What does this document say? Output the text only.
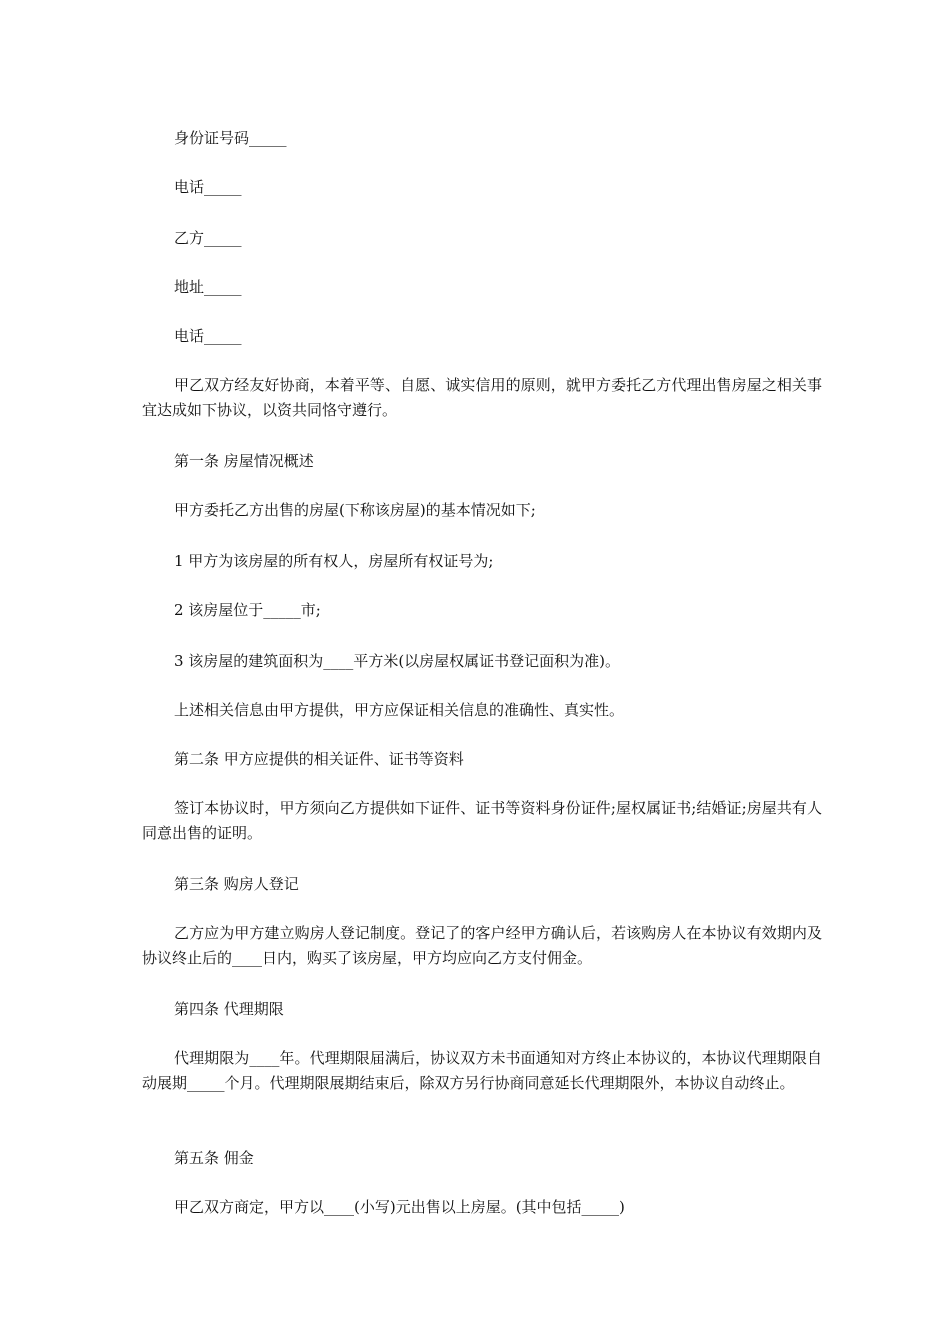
身份证号码_____
电话_____
乙方_____
地址_____
电话_____
甲乙双方经友好协商，本着平等、自愿、诚实信用的原则，就甲方委托乙方代理出售房屋之相关事宜达成如下协议，以资共同恪守遵行。
第一条 房屋情况概述
甲方委托乙方出售的房屋(下称该房屋)的基本情况如下;
1 甲方为该房屋的所有权人，房屋所有权证号为;
2 该房屋位于_____市;
3 该房屋的建筑面积为____平方米(以房屋权属证书登记面积为准)。
上述相关信息由甲方提供，甲方应保证相关信息的准确性、真实性。
第二条 甲方应提供的相关证件、证书等资料
签订本协议时，甲方须向乙方提供如下证件、证书等资料身份证件;屋权属证书;结婚证;房屋共有人同意出售的证明。
第三条 购房人登记
乙方应为甲方建立购房人登记制度。登记了的客户经甲方确认后，若该购房人在本协议有效期内及协议终止后的____日内，购买了该房屋，甲方均应向乙方支付佣金。
第四条 代理期限
代理期限为____年。代理期限届满后，协议双方未书面通知对方终止本协议的，本协议代理期限自动展期_____个月。代理期限展期结束后，除双方另行协商同意延长代理期限外，本协议自动终止。
第五条 佣金
甲乙双方商定，甲方以____(小写)元出售以上房屋。(其中包括_____)
